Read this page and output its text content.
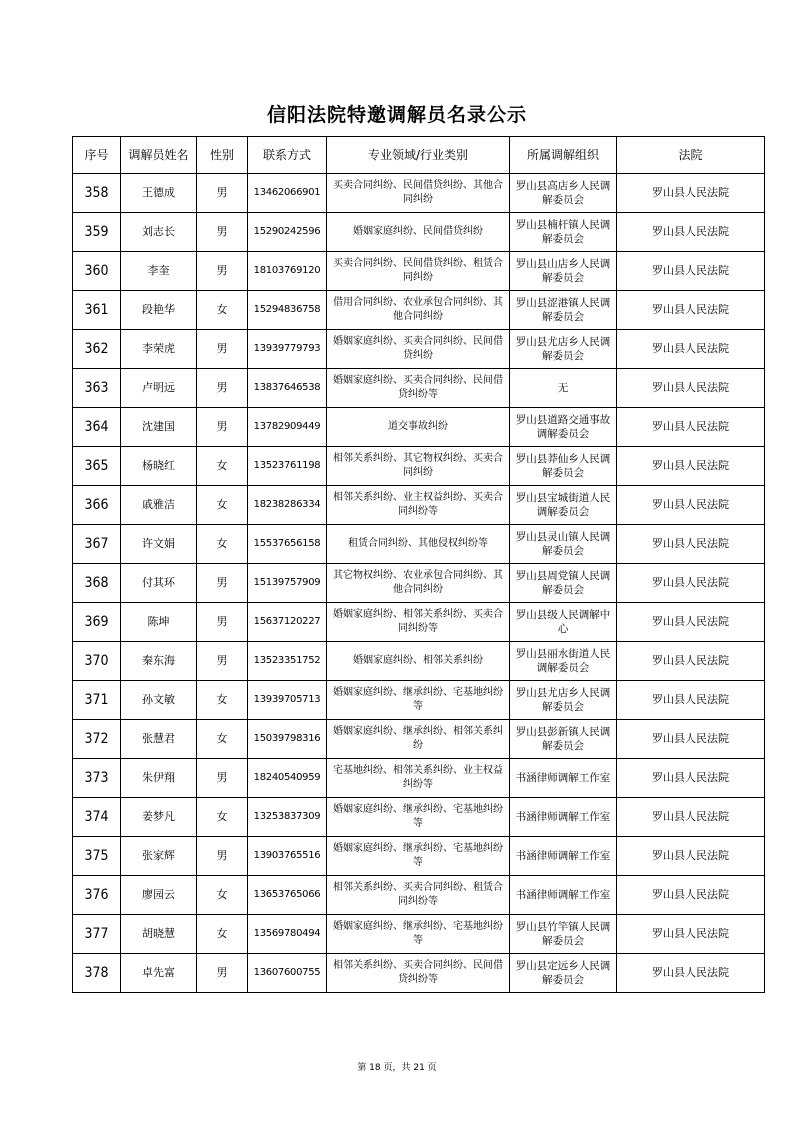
信阳法院特邀调解员名录公示
序号	调解员姓名	性别	联系方式	专业领域/行业类别	所属调解组织	法院
358	王德成	男	13462066901	买卖合同纠纷、民间借贷纠纷、其他合同纠纷	罗山县高店乡人民调解委员会	罗山县人民法院
359	刘志长	男	15290242596	婚姻家庭纠纷、民间借贷纠纷	罗山县楠杆镇人民调解委员会	罗山县人民法院
360	李奎	男	18103769120	买卖合同纠纷、民间借贷纠纷、租赁合同纠纷	罗山县山店乡人民调解委员会	罗山县人民法院
361	段艳华	女	15294836758	借用合同纠纷、农业承包合同纠纷、其他合同纠纷	罗山县涩港镇人民调解委员会	罗山县人民法院
362	李荣虎	男	13939779793	婚姻家庭纠纷、买卖合同纠纷、民间借贷纠纷	罗山县尤店乡人民调解委员会	罗山县人民法院
363	卢明远	男	13837646538	婚姻家庭纠纷、买卖合同纠纷、民间借贷纠纷等	无	罗山县人民法院
364	沈建国	男	13782909449	道交事故纠纷	罗山县道路交通事故调解委员会	罗山县人民法院
365	杨晓红	女	13523761198	相邻关系纠纷、其它物权纠纷、买卖合同纠纷	罗山县莽仙乡人民调解委员会	罗山县人民法院
366	戚雅洁	女	18238286334	相邻关系纠纷、业主权益纠纷、买卖合同纠纷等	罗山县宝城街道人民调解委员会	罗山县人民法院
367	许文娟	女	15537656158	租赁合同纠纷、其他侵权纠纷等	罗山县灵山镇人民调解委员会	罗山县人民法院
368	付其环	男	15139757909	其它物权纠纷、农业承包合同纠纷、其他合同纠纷	罗山县周党镇人民调解委员会	罗山县人民法院
369	陈坤	男	15637120227	婚姻家庭纠纷、相邻关系纠纷、买卖合同纠纷等	罗山县级人民调解中心	罗山县人民法院
370	秦东海	男	13523351752	婚姻家庭纠纷、相邻关系纠纷	罗山县丽水街道人民调解委员会	罗山县人民法院
371	孙文敏	女	13939705713	婚姻家庭纠纷、继承纠纷、宅基地纠纷等	罗山县尤店乡人民调解委员会	罗山县人民法院
372	张慧君	女	15039798316	婚姻家庭纠纷、继承纠纷、相邻关系纠纷	罗山县彭新镇人民调解委员会	罗山县人民法院
373	朱伊翔	男	18240540959	宅基地纠纷、相邻关系纠纷、业主权益纠纷等	书涵律师调解工作室	罗山县人民法院
374	姜梦凡	女	13253837309	婚姻家庭纠纷、继承纠纷、宅基地纠纷等	书涵律师调解工作室	罗山县人民法院
375	张家辉	男	13903765516	婚姻家庭纠纷、继承纠纷、宅基地纠纷等	书涵律师调解工作室	罗山县人民法院
376	廖园云	女	13653765066	相邻关系纠纷、买卖合同纠纷、租赁合同纠纷等	书涵律师调解工作室	罗山县人民法院
377	胡晓慧	女	13569780494	婚姻家庭纠纷、继承纠纷、宅基地纠纷等	罗山县竹竿镇人民调解委员会	罗山县人民法院
378	卓先富	男	13607600755	相邻关系纠纷、买卖合同纠纷、民间借贷纠纷等	罗山县定远乡人民调解委员会	罗山县人民法院
第 18 页，共 21 页
